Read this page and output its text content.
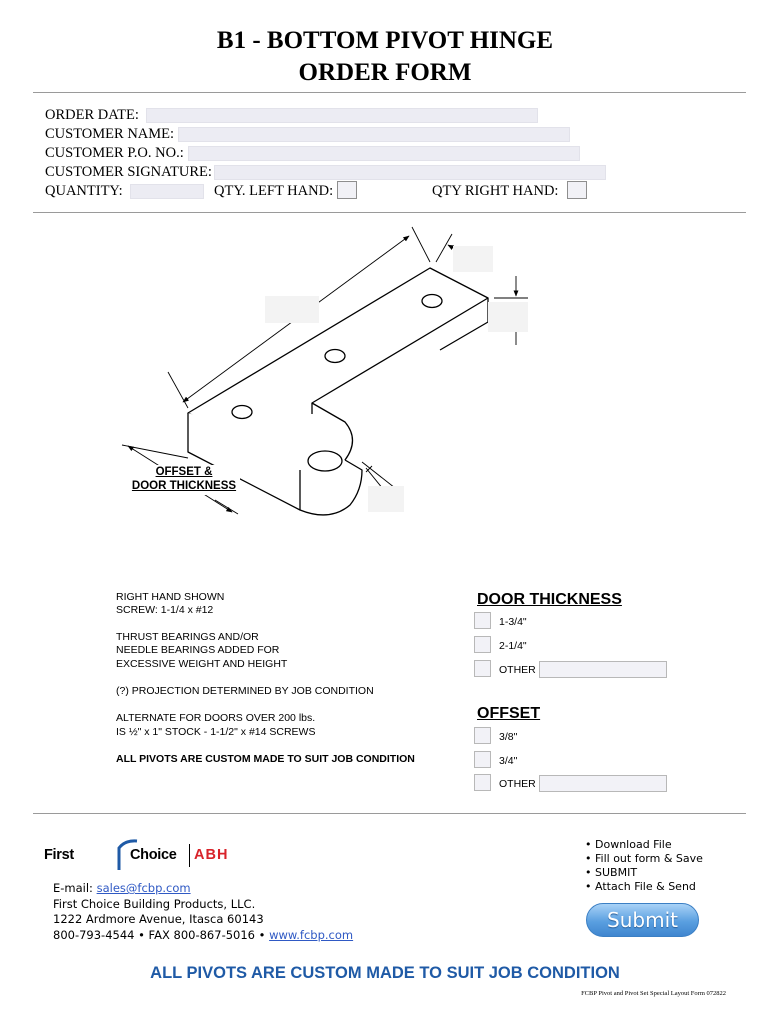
B1 - BOTTOM PIVOT HINGE
ORDER FORM
ORDER DATE:
CUSTOMER NAME:
CUSTOMER P.O. NO.:
CUSTOMER SIGNATURE:
QUANTITY:	QTY. LEFT HAND:	QTY RIGHT HAND:
OFFSET &
DOOR THICKNESS
RIGHT HAND SHOWN
SCREW: 1-1/4 x #12
THRUST BEARINGS AND/OR
NEEDLE BEARINGS ADDED FOR
EXCESSIVE WEIGHT AND HEIGHT
(?) PROJECTION DETERMINED BY JOB CONDITION
ALTERNATE FOR DOORS OVER 200 lbs.
IS ½" x 1" STOCK - 1-1/2" x #14 SCREWS
ALL PIVOTS ARE CUSTOM MADE TO SUIT JOB CONDITION
DOOR THICKNESS
1-3/4"
2-1/4"
OTHER
OFFSET
3/8"
3/4"
OTHER
First	Choice ABH
E-mail: sales@fcbp.com
First Choice Building Products, LLC.
1222 Ardmore Avenue, Itasca 60143
800-793-4544 • FAX 800-867-5016 • www.fcbp.com
• Download File
• Fill out form & Save
• SUBMIT
• Attach File & Send
Submit
ALL PIVOTS ARE CUSTOM MADE TO SUIT JOB CONDITION
FCBP Pivot and Pivot Set Special Layout Form 072822
